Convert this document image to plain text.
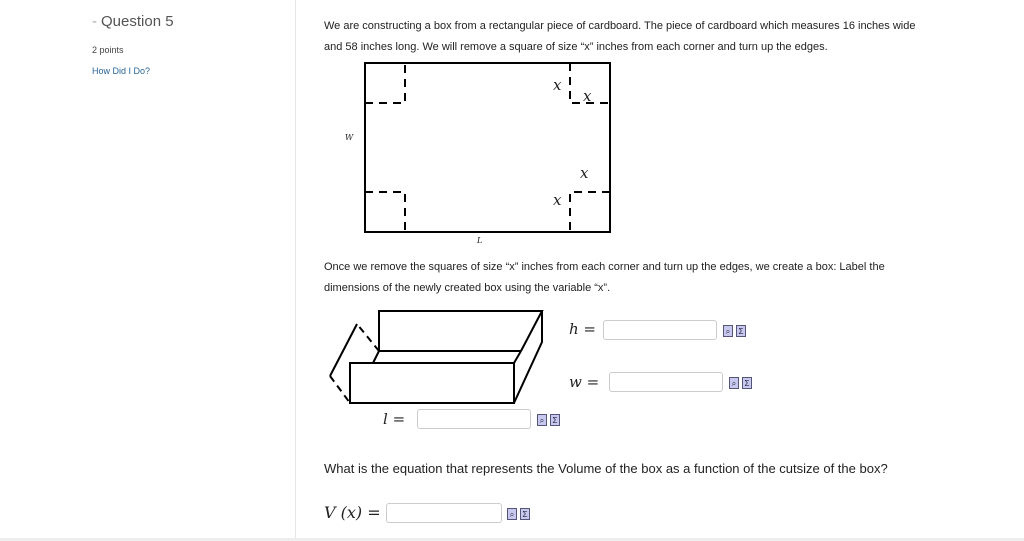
- Question 5
2 points
How Did I Do?
We are constructing a box from a rectangular piece of cardboard. The piece of cardboard which measures 16 inches wide and 58 inches long. We will remove a square of size “x” inches from each corner and turn up the edges.
x
x
x
x
W
L
Once we remove the squares of size “x” inches from each corner and turn up the edges, we create a box: Label the dimensions of the newly created box using the variable “x”.
h =	⌕	Σ
w =	⌕	Σ
l =	⌕	Σ
What is the equation that represents the Volume of the box as a function of the cutsize of the box?
V (x) =	⌕	Σ
